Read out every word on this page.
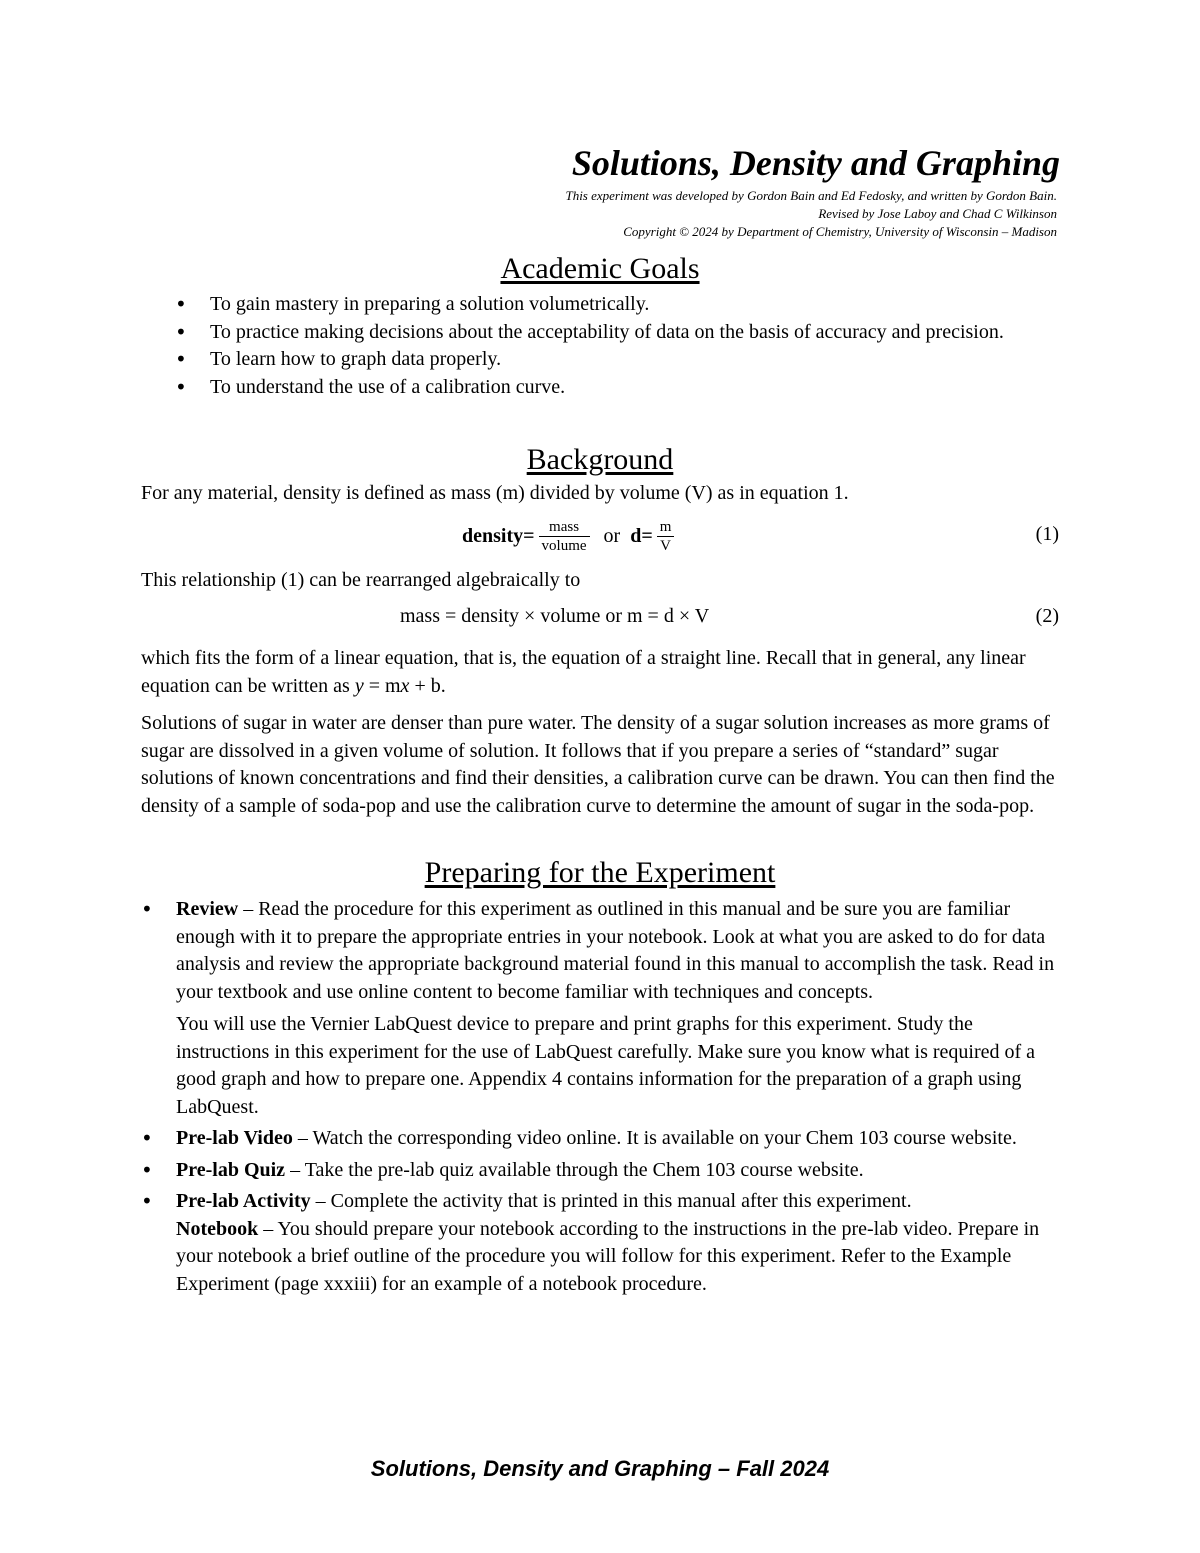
Solutions, Density and Graphing
This experiment was developed by Gordon Bain and Ed Fedosky, and written by Gordon Bain.
Revised by Jose Laboy and Chad C Wilkinson
Copyright © 2024 by Department of Chemistry, University of Wisconsin – Madison
Academic Goals
• To gain mastery in preparing a solution volumetrically.
• To practice making decisions about the acceptability of data on the basis of accuracy and precision.
• To learn how to graph data properly.
• To understand the use of a calibration curve.
Background
For any material, density is defined as mass (m) divided by volume (V) as in equation 1.
density = $\frac{\text{mass}}{\text{volume}}$ or $d = \frac{m}{V}$	(1)
This relationship (1) can be rearranged algebraically to
mass = density × volume or m = d × V	(2)
which fits the form of a linear equation, that is, the equation of a straight line. Recall that in general, any linear equation can be written as y = mx + b.
Solutions of sugar in water are denser than pure water. The density of a sugar solution increases as more grams of sugar are dissolved in a given volume of solution. It follows that if you prepare a series of “standard” sugar solutions of known concentrations and find their densities, a calibration curve can be drawn. You can then find the density of a sample of soda-pop and use the calibration curve to determine the amount of sugar in the soda-pop.
Preparing for the Experiment
• Review – Read the procedure for this experiment as outlined in this manual and be sure you are familiar enough with it to prepare the appropriate entries in your notebook. Look at what you are asked to do for data analysis and review the appropriate background material found in this manual to accomplish the task. Read in your textbook and use online content to become familiar with techniques and concepts.
You will use the Vernier LabQuest device to prepare and print graphs for this experiment. Study the instructions in this experiment for the use of LabQuest carefully. Make sure you know what is required of a good graph and how to prepare one. Appendix 4 contains information for the preparation of a graph using LabQuest.
• Pre-lab Video – Watch the corresponding video online. It is available on your Chem 103 course website.
• Pre-lab Quiz – Take the pre-lab quiz available through the Chem 103 course website.
• Pre-lab Activity – Complete the activity that is printed in this manual after this experiment.
Notebook – You should prepare your notebook according to the instructions in the pre-lab video. Prepare in your notebook a brief outline of the procedure you will follow for this experiment. Refer to the Example Experiment (page xxxiii) for an example of a notebook procedure.
Solutions, Density and Graphing – Fall 2024
